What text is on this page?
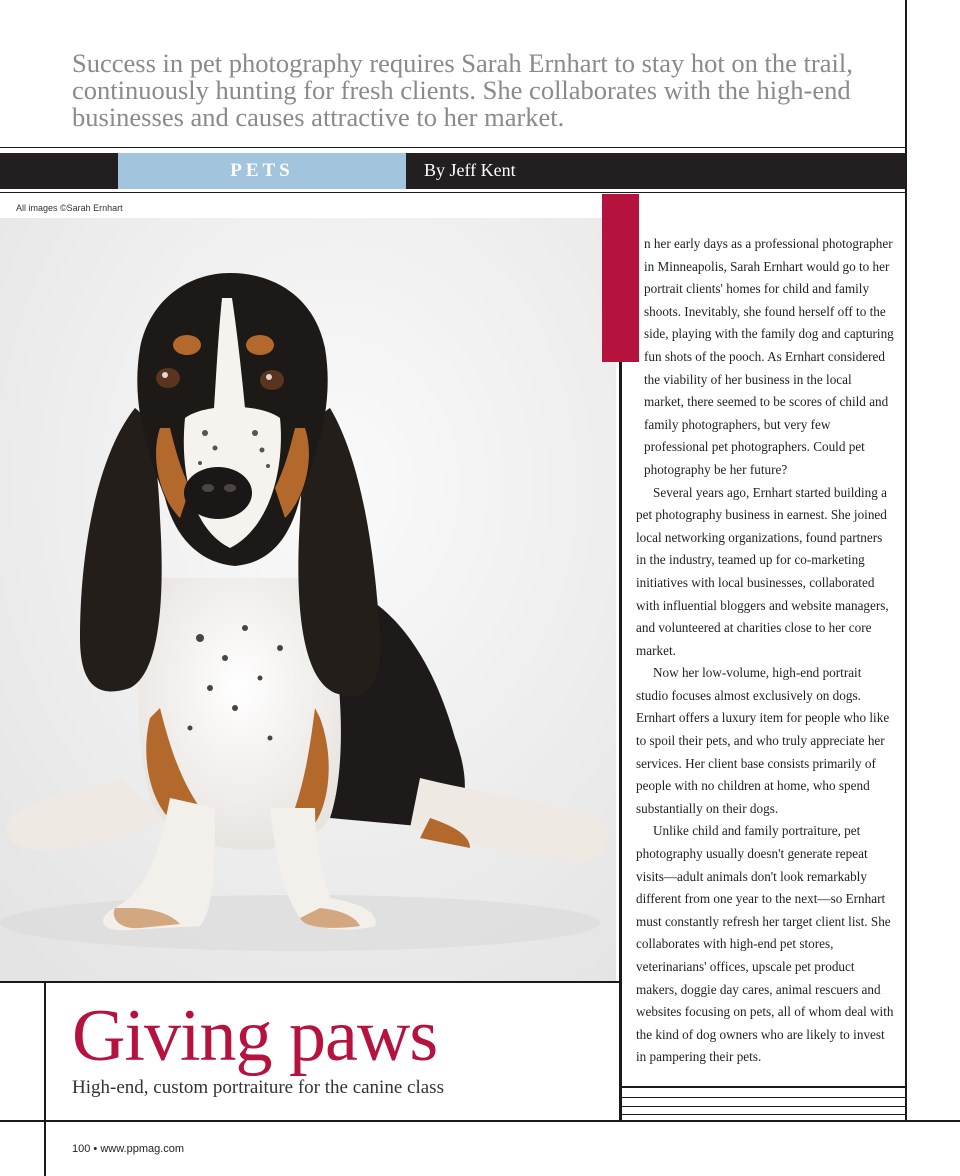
Success in pet photography requires Sarah Ernhart to stay hot on the trail, continuously hunting for fresh clients. She collaborates with the high-end businesses and causes attractive to her market.
PETS	By Jeff Kent
All images ©Sarah Ernhart

n her early days as a professional photographer in Minneapolis, Sarah Ernhart would go to her portrait clients' homes for child and family shoots. Inevitably, she found herself off to the side, playing with the family dog and capturing fun shots of the pooch. As Ernhart considered the viability of her business in the local market, there seemed to be scores of child and family photographers, but very few professional pet photographers. Could pet photography be her future?

Several years ago, Ernhart started building a pet photography business in earnest. She joined local networking organizations, found partners in the industry, teamed up for co-marketing initiatives with local businesses, collaborated with influential bloggers and website managers, and volunteered at charities close to her core market.

Now her low-volume, high-end portrait studio focuses almost exclusively on dogs. Ernhart offers a luxury item for people who like to spoil their pets, and who truly appreciate her services. Her client base consists primarily of people with no children at home, who spend substantially on their dogs.

Unlike child and family portraiture, pet photography usually doesn't generate repeat visits—adult animals don't look remarkably different from one year to the next—so Ernhart must constantly refresh her target client list. She collaborates with high-end pet stores, veterinarians' offices, upscale pet product makers, doggie day cares, animal rescuers and websites focusing on pets, all of whom deal with the kind of dog owners who are likely to invest in pampering their pets.

Giving paws
High-end, custom portraiture for the canine class
100 • www.ppmag.com
